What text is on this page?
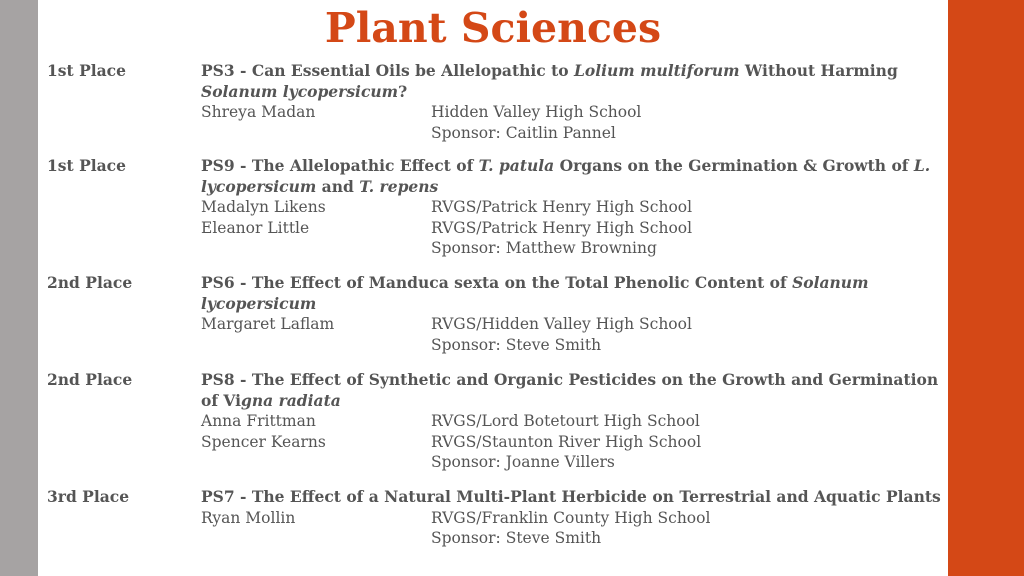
Plant Sciences
1st Place	PS3 - Can Essential Oils be Allelopathic to Lolium multiforum Without Harming Solanum lycopersicum?
Shreya Madan	Hidden Valley High School
Sponsor: Caitlin Pannel
1st Place	PS9 - The Allelopathic Effect of T. patula Organs on the Germination & Growth of L. lycopersicum and T. repens
Madalyn Likens	RVGS/Patrick Henry High School
Eleanor Little	RVGS/Patrick Henry High School
Sponsor: Matthew Browning
2nd Place	PS6 - The Effect of Manduca sexta on the Total Phenolic Content of Solanum lycopersicum
Margaret Laflam	RVGS/Hidden Valley High School
Sponsor: Steve Smith
2nd Place	PS8 - The Effect of Synthetic and Organic Pesticides on the Growth and Germination of Vigna radiata
Anna Frittman	RVGS/Lord Botetourt High School
Spencer Kearns	RVGS/Staunton River High School
Sponsor: Joanne Villers
3rd Place	PS7 - The Effect of a Natural Multi-Plant Herbicide on Terrestrial and Aquatic Plants
Ryan Mollin	RVGS/Franklin County High School
Sponsor: Steve Smith
